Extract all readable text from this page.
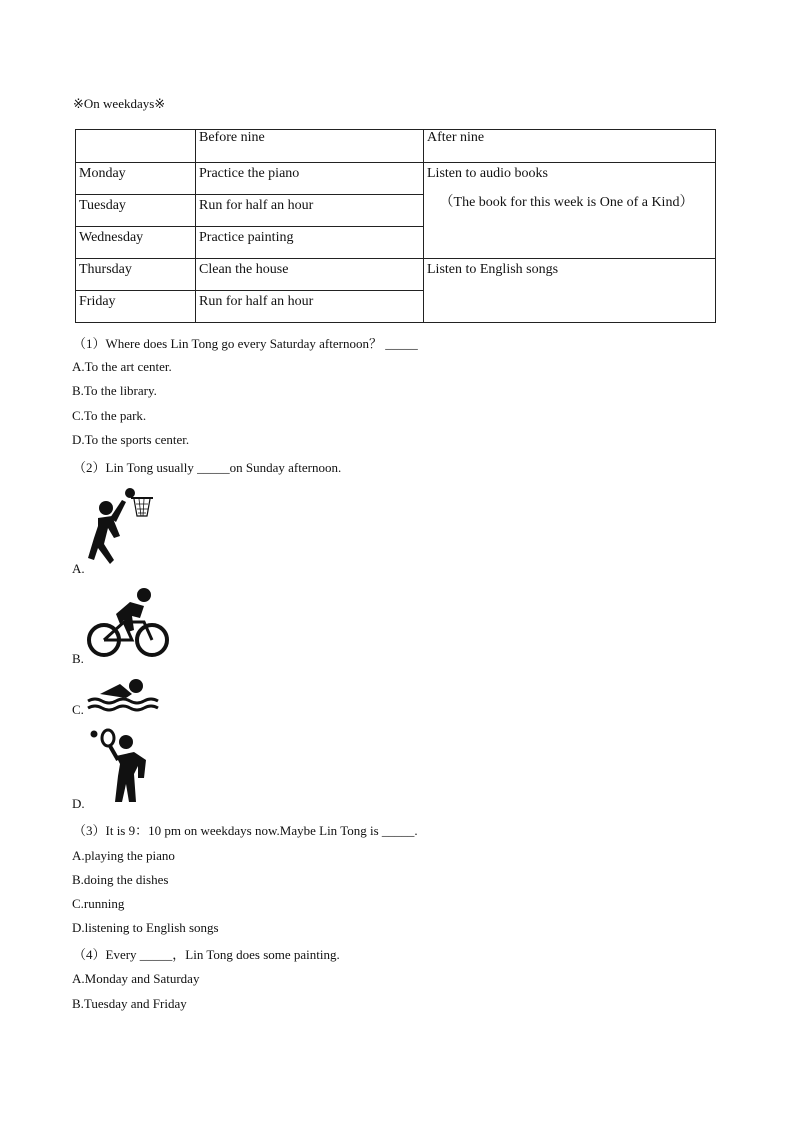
※On weekdays※
	Before nine	After nine
Monday	Practice the piano	Listen to audio books
（The book for this week is One of a Kind）

Tuesday	Run for half an hour	
Wednesday	Practice painting	
Thursday	Clean the house	Listen to English songs
Friday	Run for half an hour	
（1）Where does Lin Tong go every Saturday afternoon？ _____
A.To the art center.
B.To the library.
C.To the park.
D.To the sports center.
（2）Lin Tong usually _____on Sunday afternoon.
A.
B.
C.
D.
（3）It is 9：10 pm on weekdays now.Maybe Lin Tong is _____.
A.playing the piano
B.doing the dishes
C.running
D.listening to English songs
（4）Every _____，Lin Tong does some painting.
A.Monday and Saturday
B.Tuesday and Friday
